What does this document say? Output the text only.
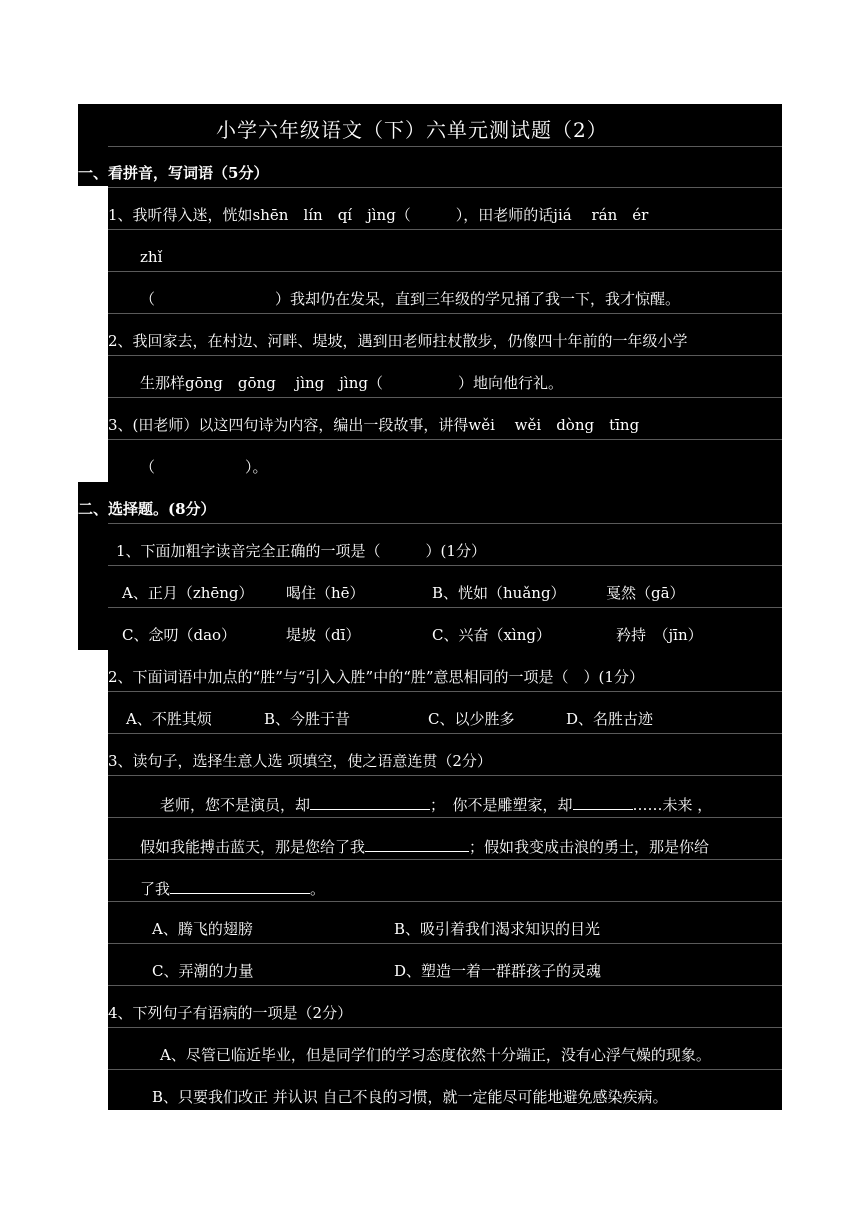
小学六年级语文（下）六单元测试题（2）
一、看拼音，写词语（5分）
1、我听得入迷，恍如shēn　lín　qí　jìng（　　　），田老师的话jiá　 rán　ér
zhǐ
（　　　　　　　　）我却仍在发呆，直到三年级的学兄捅了我一下，我才惊醒。
2、我回家去，在村边、河畔、堤坡，遇到田老师拄杖散步，仍像四十年前的一年级小学
生那样gōng　gōng　 jìng　jìng（　　　　　）地向他行礼。
3、(田老师）以这四句诗为内容，编出一段故事，讲得wěi　 wěi　dòng　tīng
（　　　　　　）。
二、选择题。(8分）
1、下面加粗字读音完全正确的一项是（　　　）(1分）
A、正月（zhēng） 喝住（hē）	B、恍如（huǎng）	戛然（gā）
C、念叨（dao）	堤坡（dī）	C、兴奋（xìng）	矜持　（jīn）
2、下面词语中加点的“胜”与“引入入胜”中的“胜”意思相同的一项是（　）(1分）
A、不胜其烦	B、今胜于昔	C、以少胜多	D、名胜古迹
3、读句子，选择生意人选 项填空，使之语意连贯（2分）
老师，您不是演员，却	；　你不是雕塑家，却	……未来 ，
假如我能搏击蓝天，那是您给了我	；假如我变成击浪的勇士，那是你给
了我	。
A、腾飞的翅膀	B、吸引着我们渴求知识的目光
C、弄潮的力量	D、塑造一着一群群孩子的灵魂
4、下列句子有语病的一项是（2分）
A、尽管已临近毕业，但是同学们的学习态度依然十分端正，没有心浮气燥的现象。
B、只要我们改正 并认识 自己不良的习惯，就一定能尽可能地避免感染疾病。
